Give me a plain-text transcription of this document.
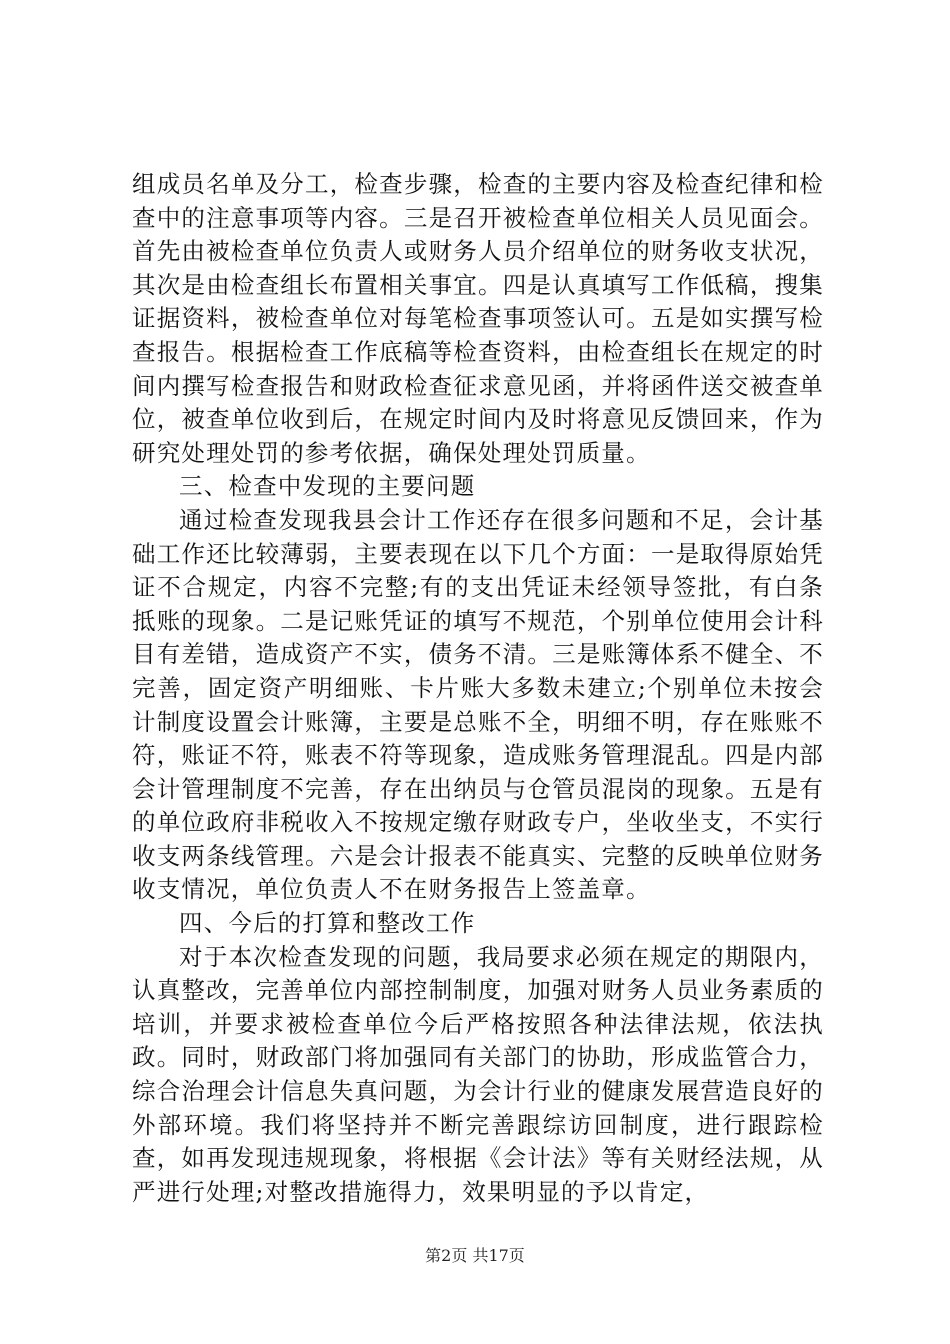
组成员名单及分工，检查步骤，检查的主要内容及检查纪律和检查中的注意事项等内容。三是召开被检查单位相关人员见面会。首先由被检查单位负责人或财务人员介绍单位的财务收支状况，其次是由检查组长布置相关事宜。四是认真填写工作低稿，搜集证据资料，被检查单位对每笔检查事项签认可。五是如实撰写检查报告。根据检查工作底稿等检查资料，由检查组长在规定的时间内撰写检查报告和财政检查征求意见函，并将函件送交被查单位，被查单位收到后，在规定时间内及时将意见反馈回来，作为研究处理处罚的参考依据，确保处理处罚质量。

三、检查中发现的主要问题

通过检查发现我县会计工作还存在很多问题和不足，会计基础工作还比较薄弱，主要表现在以下几个方面：一是取得原始凭证不合规定，内容不完整;有的支出凭证未经领导签批，有白条抵账的现象。二是记账凭证的填写不规范，个别单位使用会计科目有差错，造成资产不实，债务不清。三是账簿体系不健全、不完善，固定资产明细账、卡片账大多数未建立;个别单位未按会计制度设置会计账簿，主要是总账不全，明细不明，存在账账不符，账证不符，账表不符等现象，造成账务管理混乱。四是内部会计管理制度不完善，存在出纳员与仓管员混岗的现象。五是有的单位政府非税收入不按规定缴存财政专户，坐收坐支，不实行收支两条线管理。六是会计报表不能真实、完整的反映单位财务收支情况，单位负责人不在财务报告上签盖章。

四、今后的打算和整改工作

对于本次检查发现的问题，我局要求必须在规定的期限内，认真整改，完善单位内部控制制度，加强对财务人员业务素质的培训，并要求被检查单位今后严格按照各种法律法规，依法执政。同时，财政部门将加强同有关部门的协助，形成监管合力，综合治理会计信息失真问题，为会计行业的健康发展营造良好的外部环境。我们将坚持并不断完善跟综访回制度，进行跟踪检查，如再发现违规现象，将根据《会计法》等有关财经法规，从严进行处理;对整改措施得力，效果明显的予以肯定，

第2页 共17页
